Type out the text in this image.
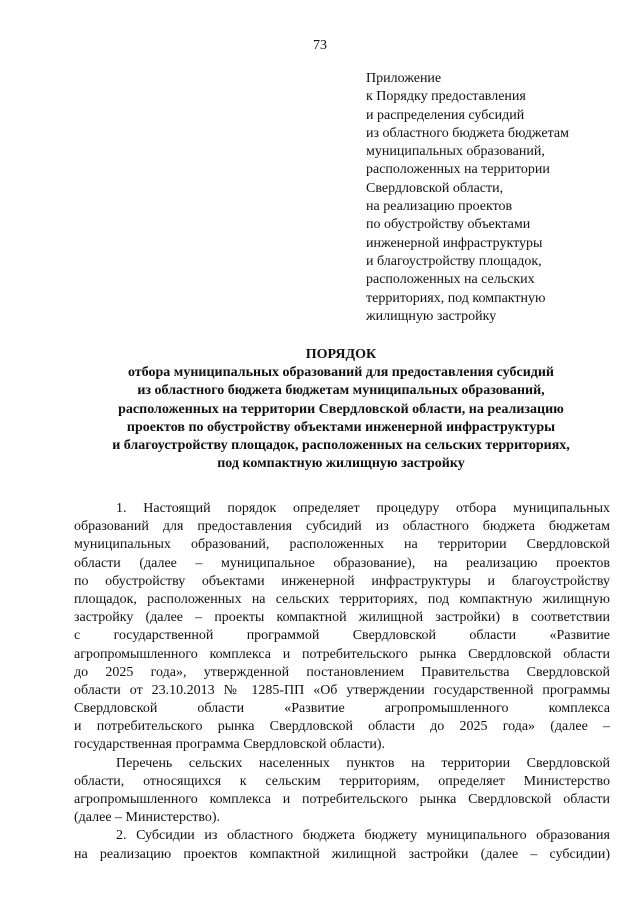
73
Приложение
к Порядку предоставления
и распределения субсидий
из областного бюджета бюджетам
муниципальных образований,
расположенных на территории
Свердловской области,
на реализацию проектов
по обустройству объектами
инженерной инфраструктуры
и благоустройству площадок,
расположенных на сельских
территориях, под компактную
жилищную застройку
ПОРЯДОК
отбора муниципальных образований для предоставления субсидий
из областного бюджета бюджетам муниципальных образований,
расположенных на территории Свердловской области, на реализацию
проектов по обустройству объектами инженерной инфраструктуры
и благоустройству площадок, расположенных на сельских территориях,
под компактную жилищную застройку
1. Настоящий порядок определяет процедуру отбора муниципальных
образований для предоставления субсидий из областного бюджета бюджетам
муниципальных образований, расположенных на территории Свердловской
области (далее – муниципальное образование), на реализацию проектов
по обустройству объектами инженерной инфраструктуры и благоустройству
площадок, расположенных на сельских территориях, под компактную жилищную
застройку (далее – проекты компактной жилищной застройки) в соответствии
с государственной программой Свердловской области «Развитие
агропромышленного комплекса и потребительского рынка Свердловской области
до 2025 года», утвержденной постановлением Правительства Свердловской
области от 23.10.2013 № 1285-ПП «Об утверждении государственной программы
Свердловской области «Развитие агропромышленного комплекса
и потребительского рынка Свердловской области до 2025 года» (далее –
государственная программа Свердловской области).
Перечень сельских населенных пунктов на территории Свердловской
области, относящихся к сельским территориям, определяет Министерство
агропромышленного комплекса и потребительского рынка Свердловской области
(далее – Министерство).
2. Субсидии из областного бюджета бюджету муниципального образования
на реализацию проектов компактной жилищной застройки (далее – субсидии)
